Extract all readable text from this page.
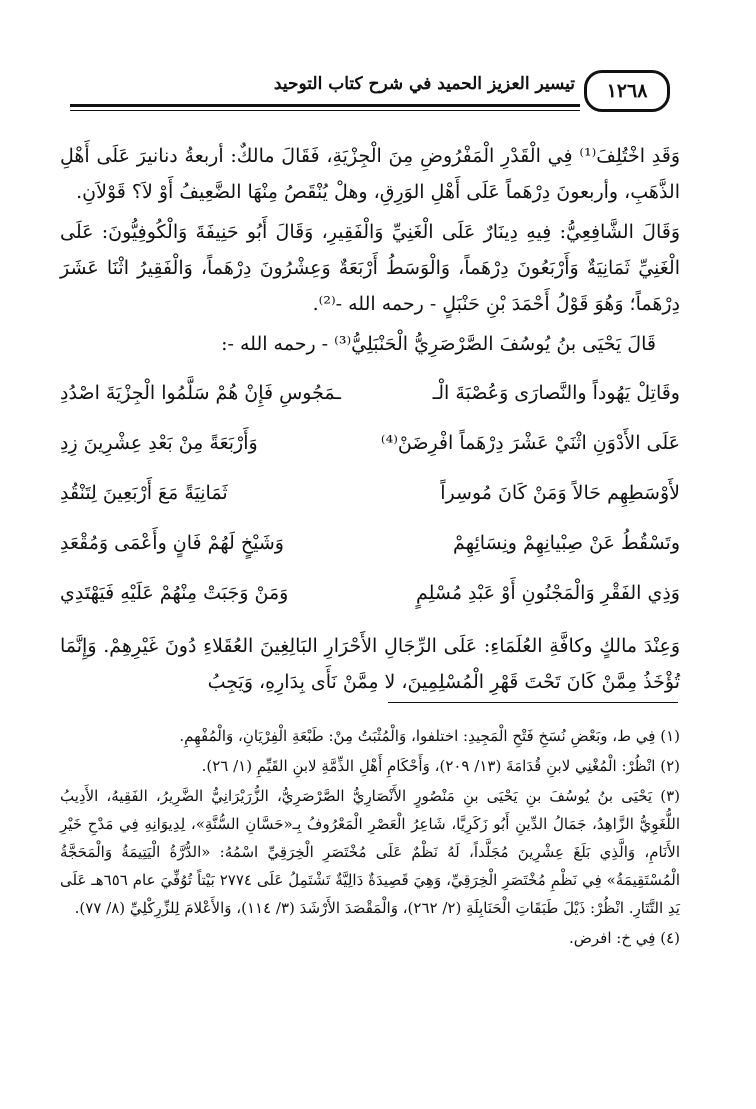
١٢٦٨
تيسير العزيز الحميد في شرح كتاب التوحيد

وَقَدِ اخْتُلِفَ⁽¹⁾ فِي الْقَدْرِ الْمَفْرُوضِ مِنَ الْجِزْيَةِ، فَقَالَ مالكٌ: أربعةُ دنانيرَ عَلَى أَهْلِ الذَّهَبِ، وأربعونَ دِرْهَماً عَلَى أَهْلِ الوَرِقِ، وهلْ يُنْقَصُ مِنْهَا الضَّعِيفُ أَوْ لاَ؟ قَوْلاَنِ.

وَقَالَ الشَّافِعِيُّ: فِيهِ دِينَارٌ عَلَى الْغَنِيِّ وَالْفَقِيرِ، وَقَالَ أَبُو حَنِيفَةَ وَالْكُوفِيُّونَ: عَلَى الْغَنِيِّ ثَمَانِيَةٌ وَأَرْبَعُونَ دِرْهَماً، وَالْوَسَطُ أَرْبَعَةٌ وَعِشْرُونَ دِرْهَماً، وَالْفَقِيرُ اثْنَا عَشَرَ دِرْهَماً؛ وَهُوَ قَوْلُ أَحْمَدَ بْنِ حَنْبَلٍ - رحمه الله -⁽²⁾.

قَالَ يَحْيَى بنُ يُوسُفَ الصَّرْصَرِيُّ الْحَنْبَلِيُّ⁽³⁾ - رحمه الله -:

وقَاتِلْ يَهُوداً والنَّصارَى وَعُصْبَةَ الْـ
ـمَجُوسِ فَإِنْ هُمْ سَلَّمُوا الْجِزْيَةَ اصْدُدِ
عَلَى الأَدْوَنِ اثْنَيْ عَشْرَ دِرْهَماً افْرِضَنْ⁽⁴⁾
وَأَرْبَعَةً مِنْ بَعْدِ عِشْرِينَ زِدِ
لأَوْسَطِهِم حَالاً وَمَنْ كَانَ مُوسِراً
ثَمَانِيَةً مَعَ أَرْبَعِينَ لِتَنْقُدِ
وتَسْقُطُ عَنْ صِبْيانِهِمْ ونِسَائِهِمْ
وَشَيْخٍ لَهُمْ فَانٍ وأَعْمَى وَمُقْعَدِ
وَذِي الفَقْرِ وَالْمَجْنُونِ أَوْ عَبْدِ مُسْلِمٍ
وَمَنْ وَجَبَتْ مِنْهُمْ عَلَيْهِ فَيَهْتَدِي

وَعِنْدَ مالكٍ وكافَّةِ العُلَمَاءِ: عَلَى الرِّجَالِ الأَحْرَارِ البَالِغِينَ العُقَلاءِ دُونَ غَيْرِهِمْ. وَإِنَّمَا تُؤْخَذُ مِمَّنْ كَانَ تَحْتَ قَهْرِ الْمُسْلِمِينَ، لا مِمَّنْ نَأَى بِدَارِهِ، وَيَجِبُ

(١) فِي ط، وبَعْضِ نُسَخِ فَتْحِ الْمَجِيدِ: اختلفوا، وَالْمُثْبَتُ مِنْ: طَبْعَةِ الْفِرْيَانِ، وَالْمُفْهِمِ.

(٢) انْظُرْ: الْمُغْنِي لابنِ قُدَامَةَ (١٣/ ٢٠٩)، وَأَحْكَامِ أَهْلِ الذِّمَّةِ لابنِ القَيِّمِ (١/ ٢٦).

(٣) يَحْيَى بنُ يُوسُفَ بنِ يَحْيَى بنِ مَنْصُورٍ الأَنْصَارِيُّ الصَّرْصَرِيُّ، الزُّرَيْرَانِيُّ الضَّرِيرُ، الفَقِيهُ، الأَدِيبُ اللُّغَوِيُّ الزَّاهِدُ، جَمَالُ الدِّينِ أَبُو زَكَرِيَّا، شَاعِرُ الْعَصْرِ الْمَعْرُوفُ بِـ«حَسَّانِ السُّنَّةِ»، لِدِيوَانِهِ فِي مَدْحِ خَيْرِ الأَنَامِ، وَالَّذِي بَلَغَ عِشْرِينَ مُجَلَّداً، لَهُ نَظْمٌ عَلَى مُخْتَصَرِ الْخِرَقِيِّ اسْمُهُ: «الدُّرَّةُ الْيَتِيمَةُ وَالْمَحَجَّةُ الْمُسْتَقِيمَةُ» فِي نَظْمِ مُخْتَصَرِ الْخِرَقِيِّ، وَهِيَ قَصِيدَةٌ دَالِيَّةٌ تَشْتَمِلُ عَلَى ٢٧٧٤ بَيْتاً تُوُفِّيَ عام ٦٥٦هـ عَلَى يَدِ التَّتَارِ. انْظُرْ: ذَيْلَ طَبَقَاتِ الْحَنَابِلَةِ (٢/ ٢٦٢)، وَالْمَقْصَدَ الأَرْشَدَ (٣/ ١١٤)، وَالأَعْلامَ لِلزِّرِكْلِيِّ (٨/ ٧٧).

(٤) فِي خ: افرض.
